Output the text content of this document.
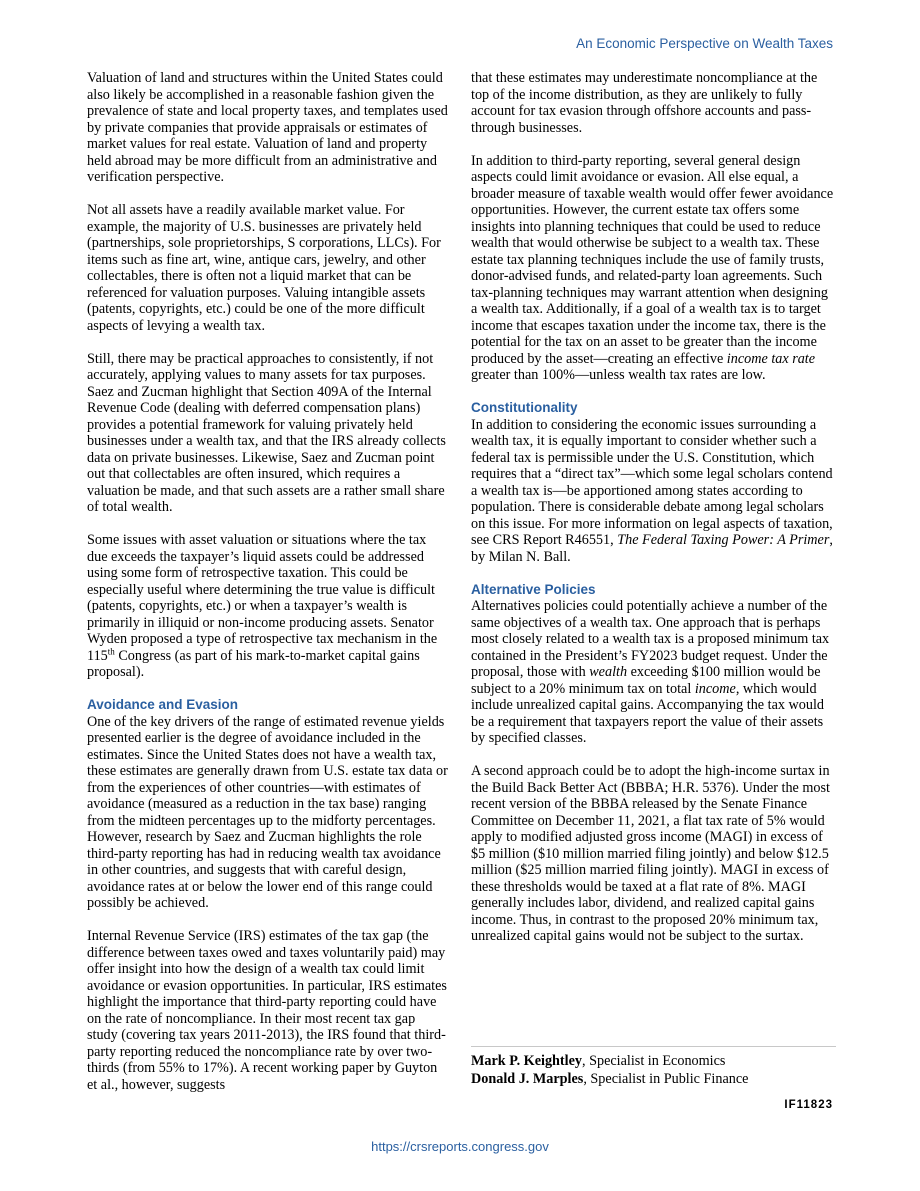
An Economic Perspective on Wealth Taxes

Valuation of land and structures within the United States could also likely be accomplished in a reasonable fashion given the prevalence of state and local property taxes, and templates used by private companies that provide appraisals or estimates of market values for real estate. Valuation of land and property held abroad may be more difficult from an administrative and verification perspective.

Not all assets have a readily available market value. For example, the majority of U.S. businesses are privately held (partnerships, sole proprietorships, S corporations, LLCs). For items such as fine art, wine, antique cars, jewelry, and other collectables, there is often not a liquid market that can be referenced for valuation purposes. Valuing intangible assets (patents, copyrights, etc.) could be one of the more difficult aspects of levying a wealth tax.

Still, there may be practical approaches to consistently, if not accurately, applying values to many assets for tax purposes. Saez and Zucman highlight that Section 409A of the Internal Revenue Code (dealing with deferred compensation plans) provides a potential framework for valuing privately held businesses under a wealth tax, and that the IRS already collects data on private businesses. Likewise, Saez and Zucman point out that collectables are often insured, which requires a valuation be made, and that such assets are a rather small share of total wealth.

Some issues with asset valuation or situations where the tax due exceeds the taxpayer’s liquid assets could be addressed using some form of retrospective taxation. This could be especially useful where determining the true value is difficult (patents, copyrights, etc.) or when a taxpayer’s wealth is primarily in illiquid or non-income producing assets. Senator Wyden proposed a type of retrospective tax mechanism in the 115th Congress (as part of his mark-to-market capital gains proposal).

Avoidance and Evasion

One of the key drivers of the range of estimated revenue yields presented earlier is the degree of avoidance included in the estimates. Since the United States does not have a wealth tax, these estimates are generally drawn from U.S. estate tax data or from the experiences of other countries—with estimates of avoidance (measured as a reduction in the tax base) ranging from the midteen percentages up to the midforty percentages. However, research by Saez and Zucman highlights the role third-party reporting has had in reducing wealth tax avoidance in other countries, and suggests that with careful design, avoidance rates at or below the lower end of this range could possibly be achieved.

Internal Revenue Service (IRS) estimates of the tax gap (the difference between taxes owed and taxes voluntarily paid) may offer insight into how the design of a wealth tax could limit avoidance or evasion opportunities. In particular, IRS estimates highlight the importance that third-party reporting could have on the rate of noncompliance. In their most recent tax gap study (covering tax years 2011-2013), the IRS found that third-party reporting reduced the noncompliance rate by over two-thirds (from 55% to 17%). A recent working paper by Guyton et al., however, suggests

that these estimates may underestimate noncompliance at the top of the income distribution, as they are unlikely to fully account for tax evasion through offshore accounts and pass-through businesses.

In addition to third-party reporting, several general design aspects could limit avoidance or evasion. All else equal, a broader measure of taxable wealth would offer fewer avoidance opportunities. However, the current estate tax offers some insights into planning techniques that could be used to reduce wealth that would otherwise be subject to a wealth tax. These estate tax planning techniques include the use of family trusts, donor-advised funds, and related-party loan agreements. Such tax-planning techniques may warrant attention when designing a wealth tax. Additionally, if a goal of a wealth tax is to target income that escapes taxation under the income tax, there is the potential for the tax on an asset to be greater than the income produced by the asset—creating an effective income tax rate greater than 100%—unless wealth tax rates are low.

Constitutionality

In addition to considering the economic issues surrounding a wealth tax, it is equally important to consider whether such a federal tax is permissible under the U.S. Constitution, which requires that a “direct tax”—which some legal scholars contend a wealth tax is—be apportioned among states according to population. There is considerable debate among legal scholars on this issue. For more information on legal aspects of taxation, see CRS Report R46551, The Federal Taxing Power: A Primer, by Milan N. Ball.

Alternative Policies

Alternatives policies could potentially achieve a number of the same objectives of a wealth tax. One approach that is perhaps most closely related to a wealth tax is a proposed minimum tax contained in the President’s FY2023 budget request. Under the proposal, those with wealth exceeding $100 million would be subject to a 20% minimum tax on total income, which would include unrealized capital gains. Accompanying the tax would be a requirement that taxpayers report the value of their assets by specified classes.

A second approach could be to adopt the high-income surtax in the Build Back Better Act (BBBA; H.R. 5376). Under the most recent version of the BBBA released by the Senate Finance Committee on December 11, 2021, a flat tax rate of 5% would apply to modified adjusted gross income (MAGI) in excess of $5 million ($10 million married filing jointly) and below $12.5 million ($25 million married filing jointly). MAGI in excess of these thresholds would be taxed at a flat rate of 8%. MAGI generally includes labor, dividend, and realized capital gains income. Thus, in contrast to the proposed 20% minimum tax, unrealized capital gains would not be subject to the surtax.

Mark P. Keightley, Specialist in Economics
Donald J. Marples, Specialist in Public Finance
IF11823
https://crsreports.congress.gov
